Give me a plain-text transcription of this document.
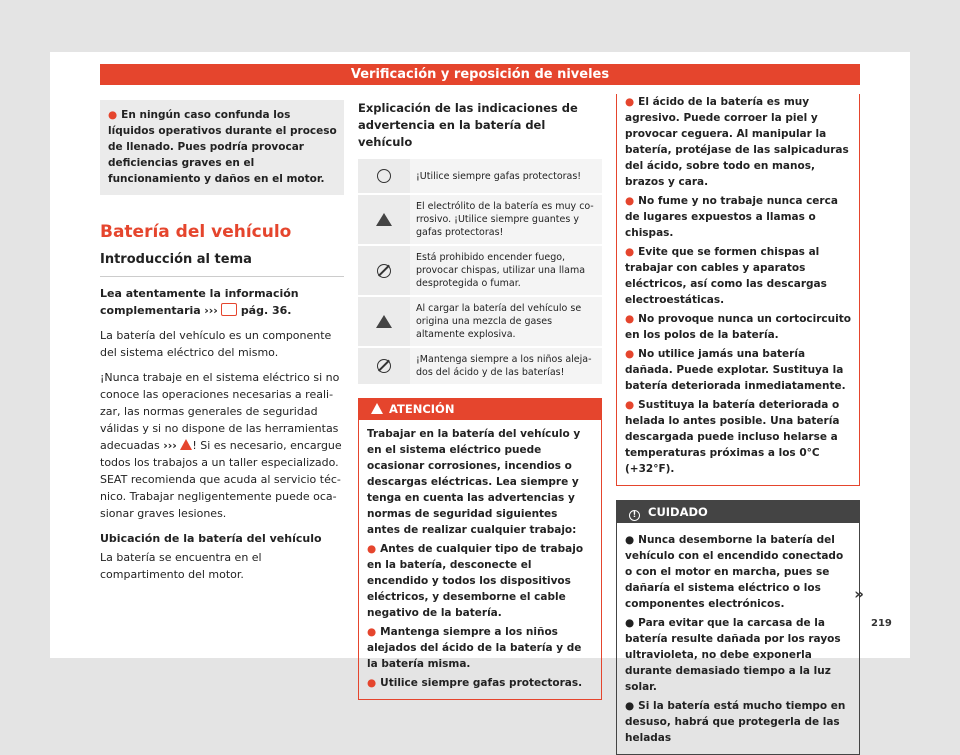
Verificación y reposición de niveles
● En ningún caso confunda los líquidos operativos durante el proceso de llenado. Pues podría provocar deficiencias graves en el funcionamiento y daños en el motor.
Batería del vehículo
Introducción al tema
Lea atentamente la información complementaria ››› pág. 36.
La batería del vehículo es un componente del sistema eléctrico del mismo.
¡Nunca trabaje en el sistema eléctrico si no conoce las operaciones necesarias a realizar, las normas generales de seguridad válidas y si no dispone de las herramientas adecuadas ››› ! Si es necesario, encargue todos los trabajos a un taller especializado. SEAT recomienda que acuda al servicio técnico. Trabajar negligentemente puede ocasionar graves lesiones.
Ubicación de la batería del vehículo
La batería se encuentra en el compartimento del motor.
Explicación de las indicaciones de advertencia en la batería del vehículo
¡Utilice siempre gafas protectoras!
El electrólito de la batería es muy corrosivo. ¡Utilice siempre guantes y gafas protectoras!
Está prohibido encender fuego, provocar chispas, utilizar una llama desprotegida o fumar.
Al cargar la batería del vehículo se origina una mezcla de gases altamente explosiva.
¡Mantenga siempre a los niños alejados del ácido y de las baterías!
ATENCIÓN
Trabajar en la batería del vehículo y en el sistema eléctrico puede ocasionar corrosiones, incendios o descargas eléctricas. Lea siempre y tenga en cuenta las advertencias y normas de seguridad siguientes antes de realizar cualquier trabajo:
● Antes de cualquier tipo de trabajo en la batería, desconecte el encendido y todos los dispositivos eléctricos, y desemborne el cable negativo de la batería.
● Mantenga siempre a los niños alejados del ácido de la batería y de la batería misma.
● Utilice siempre gafas protectoras.
● El ácido de la batería es muy agresivo. Puede corroer la piel y provocar ceguera. Al manipular la batería, protéjase de las salpicaduras del ácido, sobre todo en manos, brazos y cara.
● No fume y no trabaje nunca cerca de lugares expuestos a llamas o chispas.
● Evite que se formen chispas al trabajar con cables y aparatos eléctricos, así como las descargas electroestáticas.
● No provoque nunca un cortocircuito en los polos de la batería.
● No utilice jamás una batería dañada. Puede explotar. Sustituya la batería deteriorada inmediatamente.
● Sustituya la batería deteriorada o helada lo antes posible. Una batería descargada puede incluso helarse a temperaturas próximas a los 0°C (+32°F).
! CUIDADO
● Nunca desemborne la batería del vehículo con el encendido conectado o con el motor en marcha, pues se dañaría el sistema eléctrico o los componentes electrónicos.
● Para evitar que la carcasa de la batería resulte dañada por los rayos ultravioleta, no debe exponerla durante demasiado tiempo a la luz solar.
● Si la batería está mucho tiempo en desuso, habrá que protegerla de las heladas
»
219
